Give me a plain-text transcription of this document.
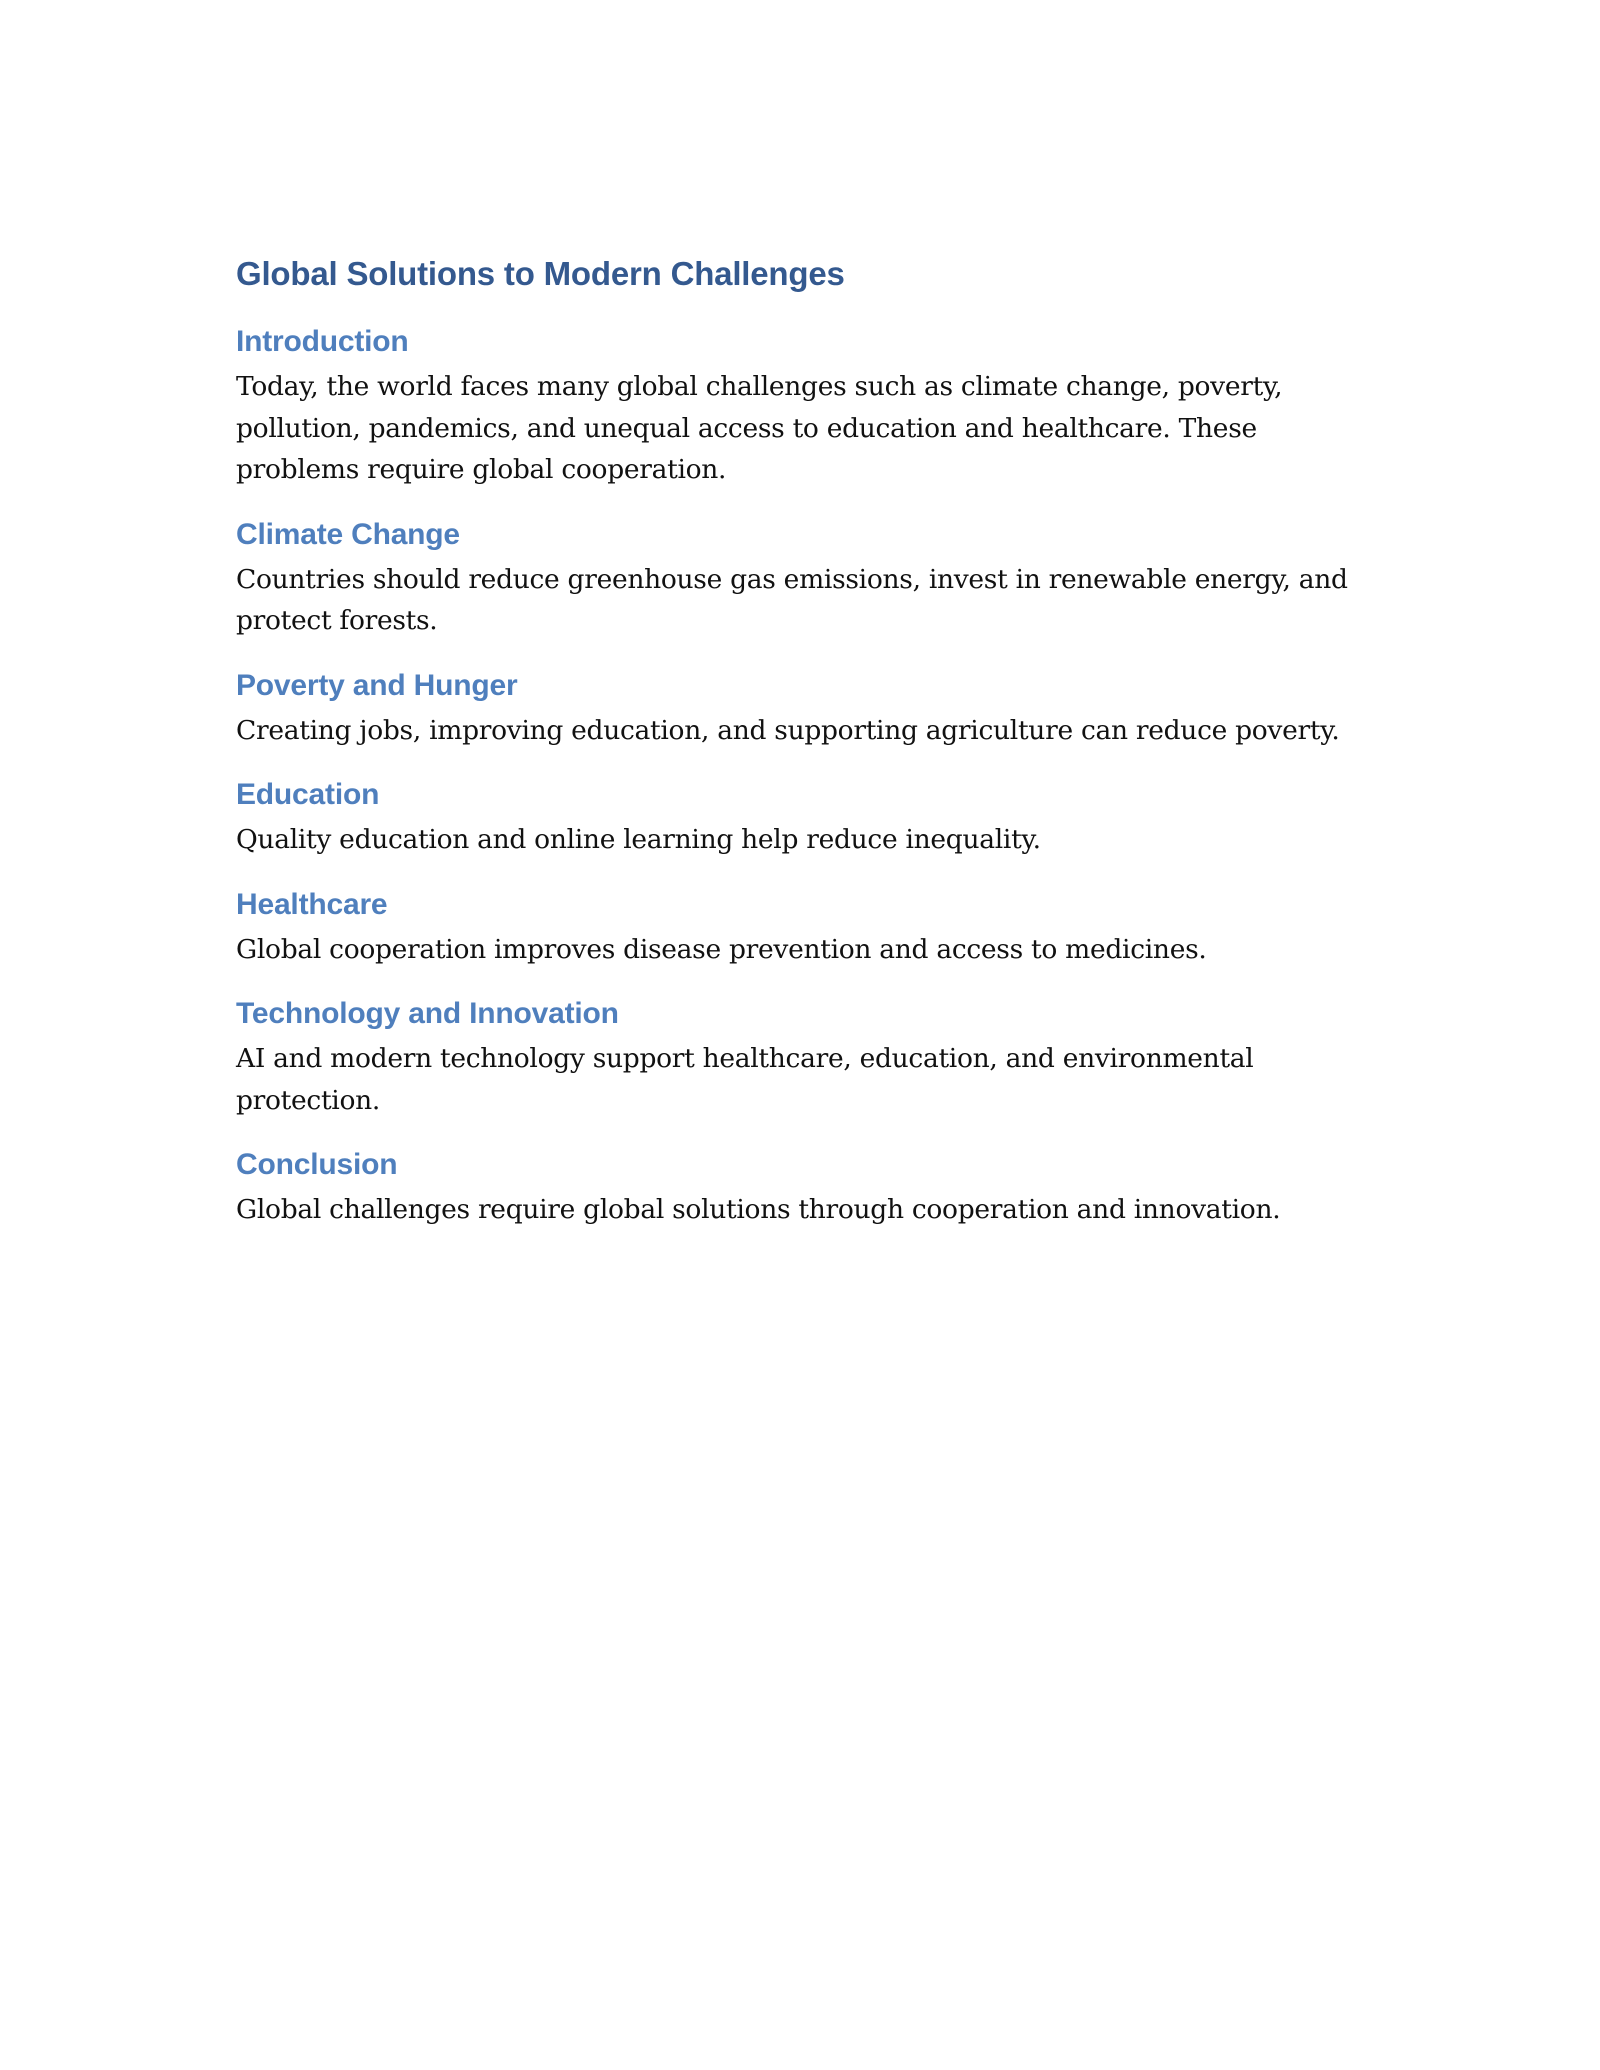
Global Solutions to Modern Challenges
Introduction

Today, the world faces many global challenges such as climate change, poverty, pollution, pandemics, and unequal access to education and healthcare. These problems require global cooperation.

Climate Change

Countries should reduce greenhouse gas emissions, invest in renewable energy, and protect forests.

Poverty and Hunger

Creating jobs, improving education, and supporting agriculture can reduce poverty.

Education

Quality education and online learning help reduce inequality.

Healthcare

Global cooperation improves disease prevention and access to medicines.

Technology and Innovation

AI and modern technology support healthcare, education, and environmental protection.

Conclusion

Global challenges require global solutions through cooperation and innovation.
